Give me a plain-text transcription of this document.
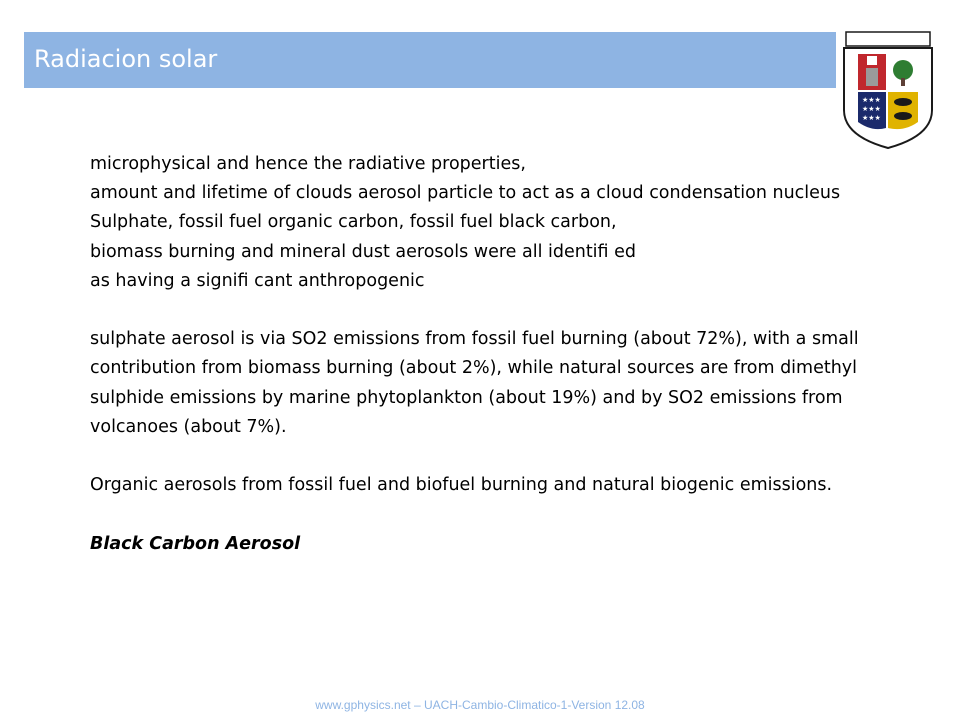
Radiacion solar
★★★
★★★
★★★

microphysical and hence the radiative properties,

amount and lifetime of clouds aerosol particle to act as a cloud condensation nucleus

Sulphate, fossil fuel organic carbon, fossil fuel black carbon,

biomass burning and mineral dust aerosols were all identifi ed

as having a signifi cant anthropogenic

sulphate aerosol is via SO2 emissions from fossil fuel burning (about 72%), with a small contribution from biomass burning (about 2%), while natural sources are from dimethyl sulphide emissions by marine phytoplankton (about 19%) and by SO2 emissions from volcanoes (about 7%).

Organic aerosols from fossil fuel and biofuel burning and natural biogenic emissions.

Black Carbon Aerosol

www.gphysics.net – UACH-Cambio-Climatico-1-Version 12.08
